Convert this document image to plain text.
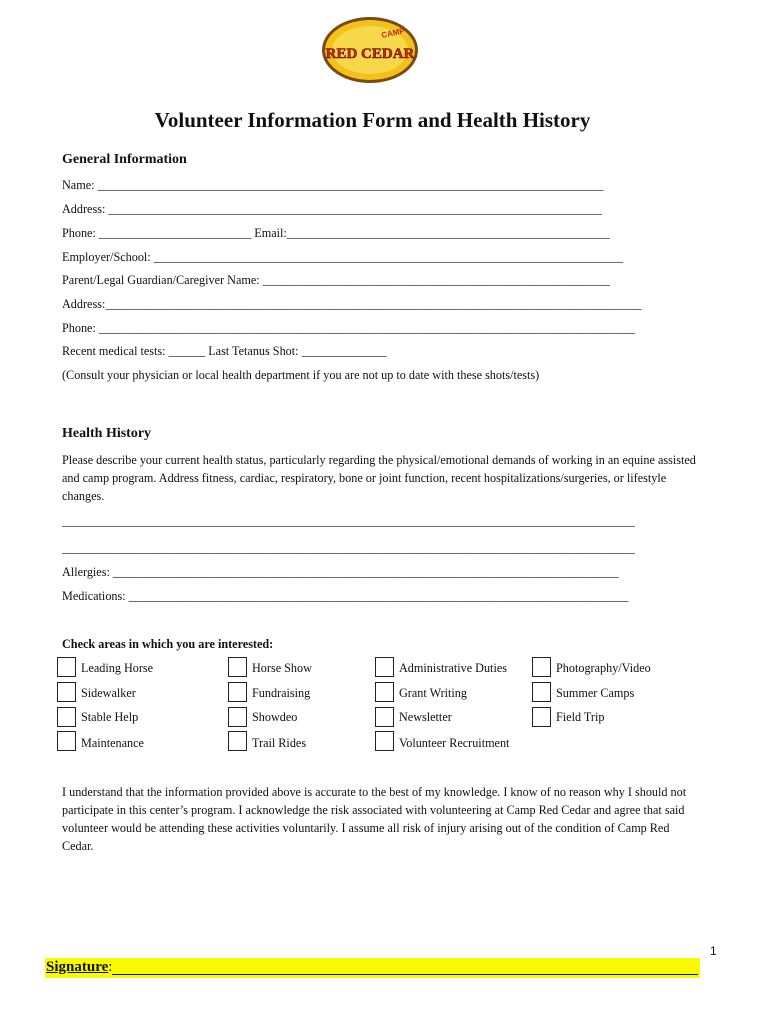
CAMP
RED CEDAR
Volunteer Information Form and Health History
General Information
Name: ___________________________________________________________________________________
Address: _________________________________________________________________________________
Phone: _________________________ Email:_____________________________________________________
Employer/School: _____________________________________________________________________________
Parent/Legal Guardian/Caregiver Name: _________________________________________________________
Address:________________________________________________________________________________________
Phone: ________________________________________________________________________________________
Recent medical tests: ______ Last Tetanus Shot: ______________
(Consult your physician or local health department if you are not up to date with these shots/tests)
Health History
Please describe your current health status, particularly regarding the physical/emotional demands of working in an equine assisted and camp program. Address fitness, cardiac, respiratory, bone or joint function, recent hospitalizations/surgeries, or lifestyle changes.
______________________________________________________________________________________________
______________________________________________________________________________________________
Allergies: ___________________________________________________________________________________
Medications: __________________________________________________________________________________
Check areas in which you are interested:
Leading Horse
Sidewalker
Stable Help
Maintenance
Horse Show
Fundraising
Showdeo
Trail Rides
Administrative Duties
Grant Writing
Newsletter
Volunteer Recruitment
Photography/Video
Summer Camps
Field Trip
I understand that the information provided above is accurate to the best of my knowledge. I know of no reason why I should not participate in this center’s program. I acknowledge the risk associated with volunteering at Camp Red Cedar and agree that said volunteer would be attending these activities voluntarily. I assume all risk of injury arising out of the condition of Camp Red Cedar.
1
Signature:
